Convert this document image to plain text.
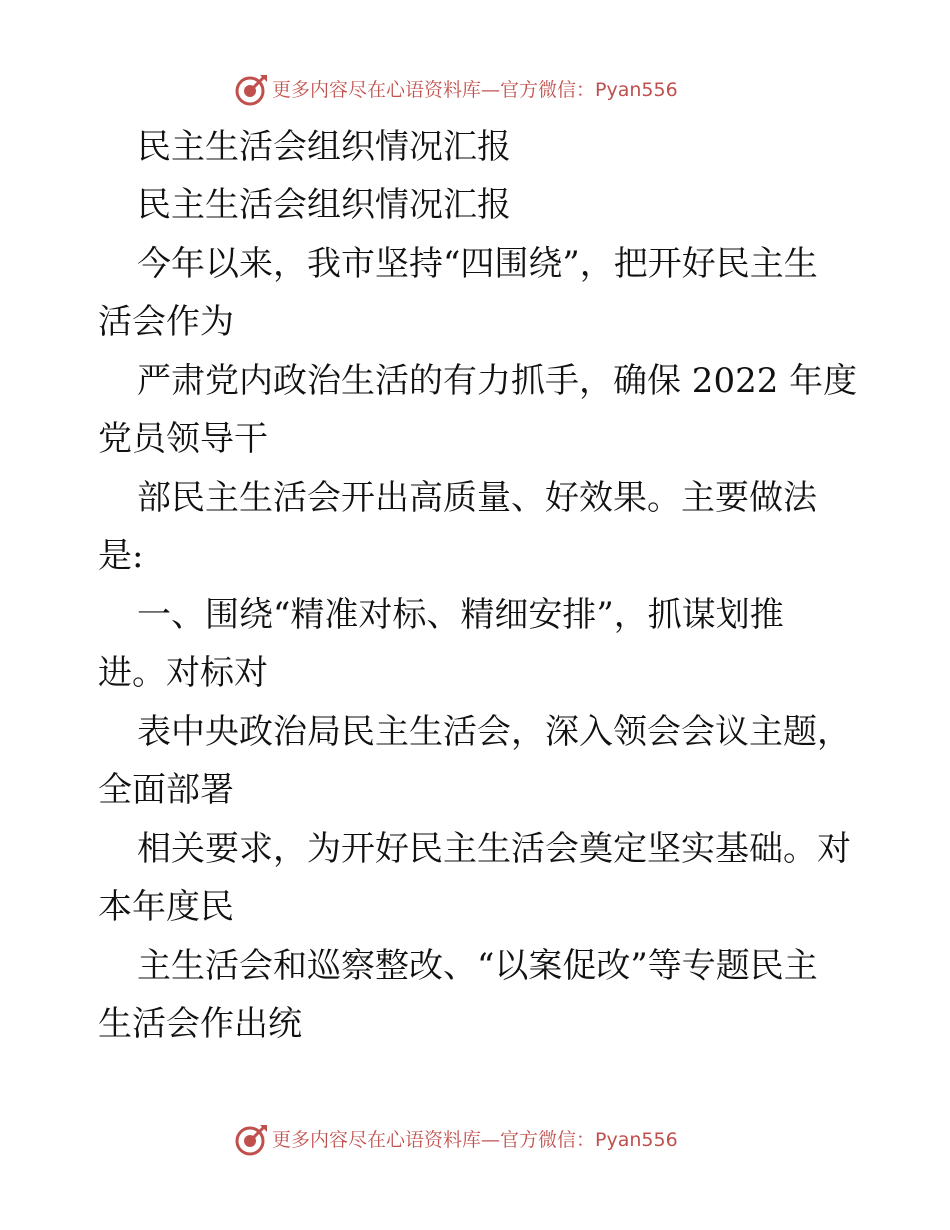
更多内容尽在心语资料库—官方微信：Pyan556
民主生活会组织情况汇报
民主生活会组织情况汇报
今年以来，我市坚持“四围绕”，把开好民主生
活会作为
严肃党内政治生活的有力抓手，确保 2022 年度
党员领导干
部民主生活会开出高质量、好效果。主要做法
是:
一、围绕“精准对标、精细安排”，抓谋划推
进。对标对
表中央政治局民主生活会，深入领会会议主题，
全面部署
相关要求，为开好民主生活会奠定坚实基础。对
本年度民
主生活会和巡察整改、“以案促改”等专题民主
生活会作出统
更多内容尽在心语资料库—官方微信：Pyan556
